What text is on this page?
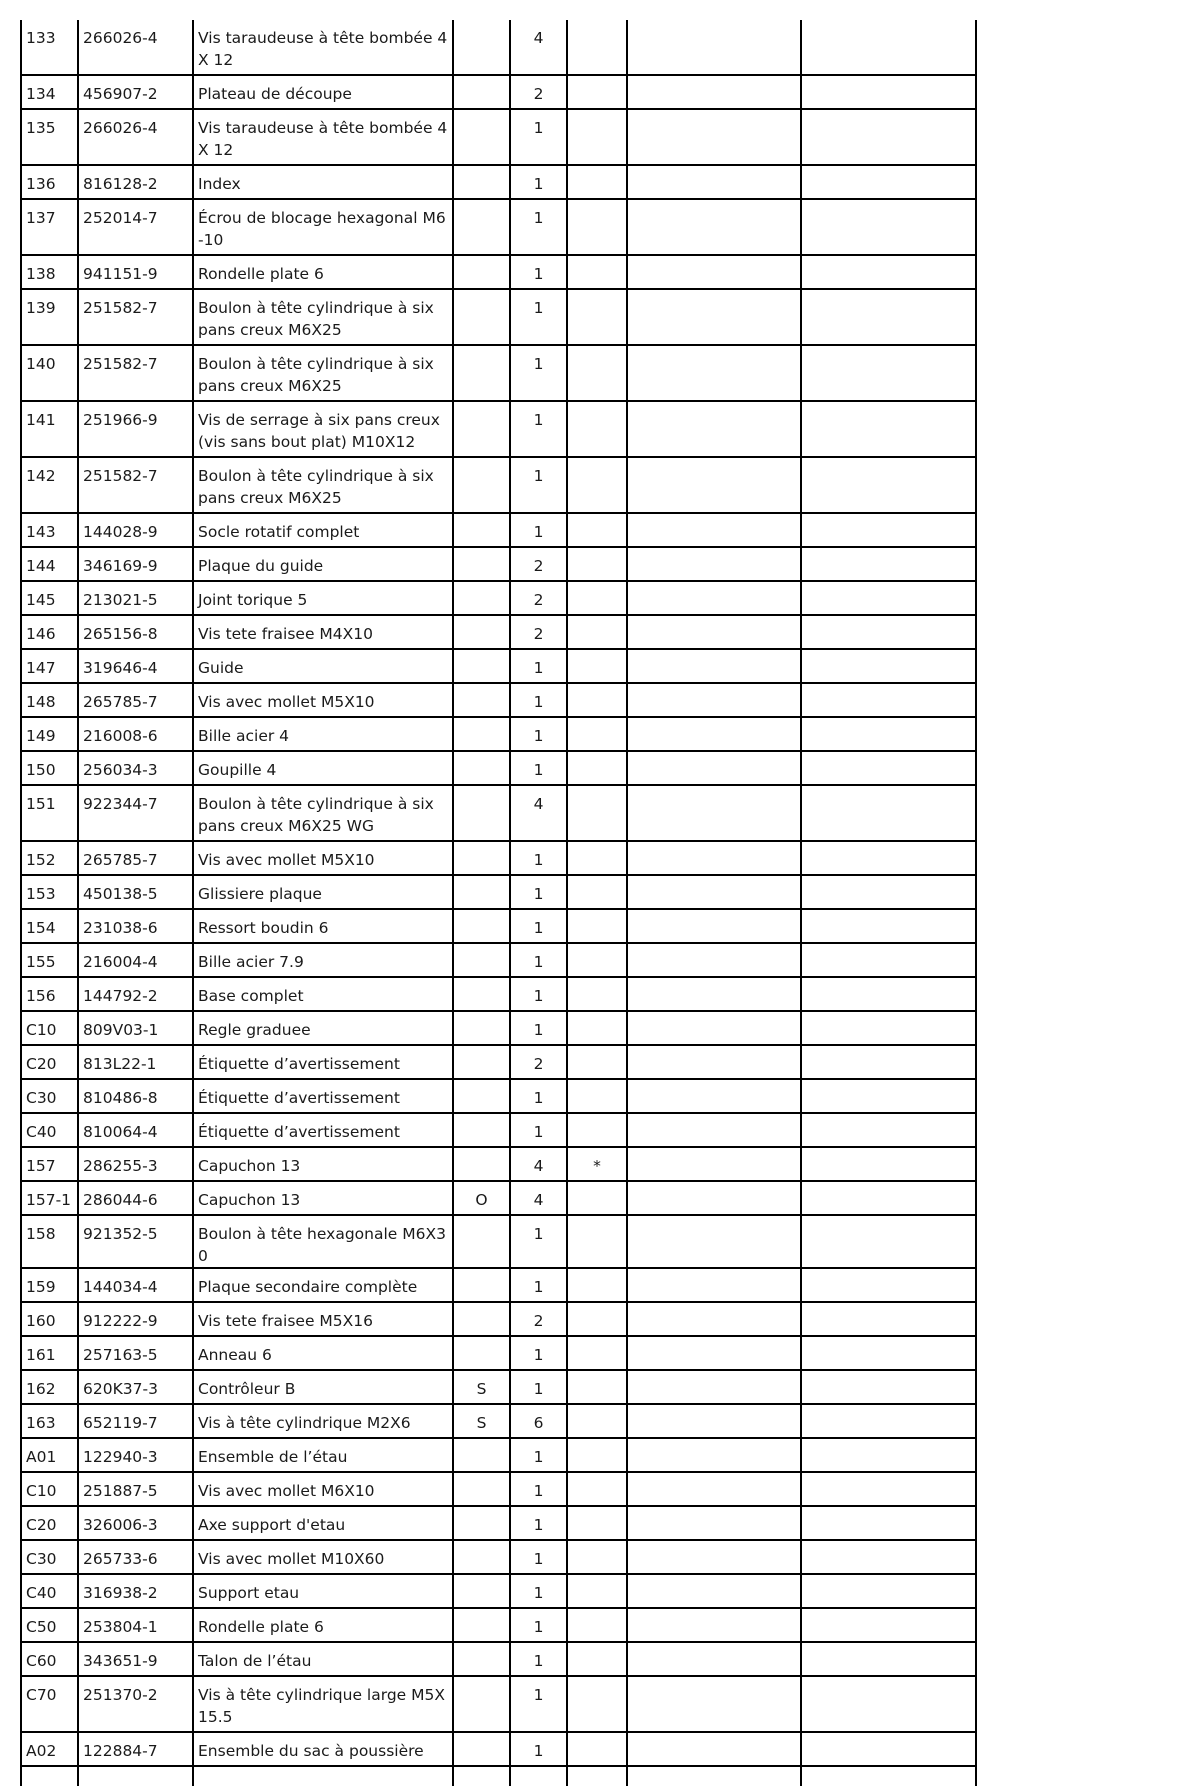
133	266026-4	Vis taraudeuse à tête bombée 4X 12		4			
134	456907-2	Plateau de découpe		2			
135	266026-4	Vis taraudeuse à tête bombée 4X 12		1			
136	816128-2	Index		1			
137	252014-7	Écrou de blocage hexagonal M6-10		1			
138	941151-9	Rondelle plate 6		1			
139	251582-7	Boulon à tête cylindrique à six pans creux M6X25		1			
140	251582-7	Boulon à tête cylindrique à six pans creux M6X25		1			
141	251966-9	Vis de serrage à six pans creux (vis sans bout plat) M10X12		1			
142	251582-7	Boulon à tête cylindrique à six pans creux M6X25		1			
143	144028-9	Socle rotatif complet		1			
144	346169-9	Plaque du guide		2			
145	213021-5	Joint torique 5		2			
146	265156-8	Vis tete fraisee M4X10		2			
147	319646-4	Guide		1			
148	265785-7	Vis avec mollet M5X10		1			
149	216008-6	Bille acier 4		1			
150	256034-3	Goupille 4		1			
151	922344-7	Boulon à tête cylindrique à six pans creux M6X25 WG		4			
152	265785-7	Vis avec mollet M5X10		1			
153	450138-5	Glissiere plaque		1			
154	231038-6	Ressort boudin 6		1			
155	216004-4	Bille acier 7.9		1			
156	144792-2	Base complet		1			
C10	809V03-1	Regle graduee		1			
C20	813L22-1	Étiquette d’avertissement		2			
C30	810486-8	Étiquette d’avertissement		1			
C40	810064-4	Étiquette d’avertissement		1			
157	286255-3	Capuchon 13		4	*		
157-1	286044-6	Capuchon 13	O	4			
158	921352-5	Boulon à tête hexagonale M6X30		1			
159	144034-4	Plaque secondaire complète		1			
160	912222-9	Vis tete fraisee M5X16		2			
161	257163-5	Anneau 6		1			
162	620K37-3	Contrôleur B	S	1			
163	652119-7	Vis à tête cylindrique M2X6	S	6			
A01	122940-3	Ensemble de l’étau		1			
C10	251887-5	Vis avec mollet M6X10		1			
C20	326006-3	Axe support d'etau		1			
C30	265733-6	Vis avec mollet M10X60		1			
C40	316938-2	Support etau		1			
C50	253804-1	Rondelle plate 6		1			
C60	343651-9	Talon de l’étau		1			
C70	251370-2	Vis à tête cylindrique large M5X15.5		1			
A02	122884-7	Ensemble du sac à poussière		1			
